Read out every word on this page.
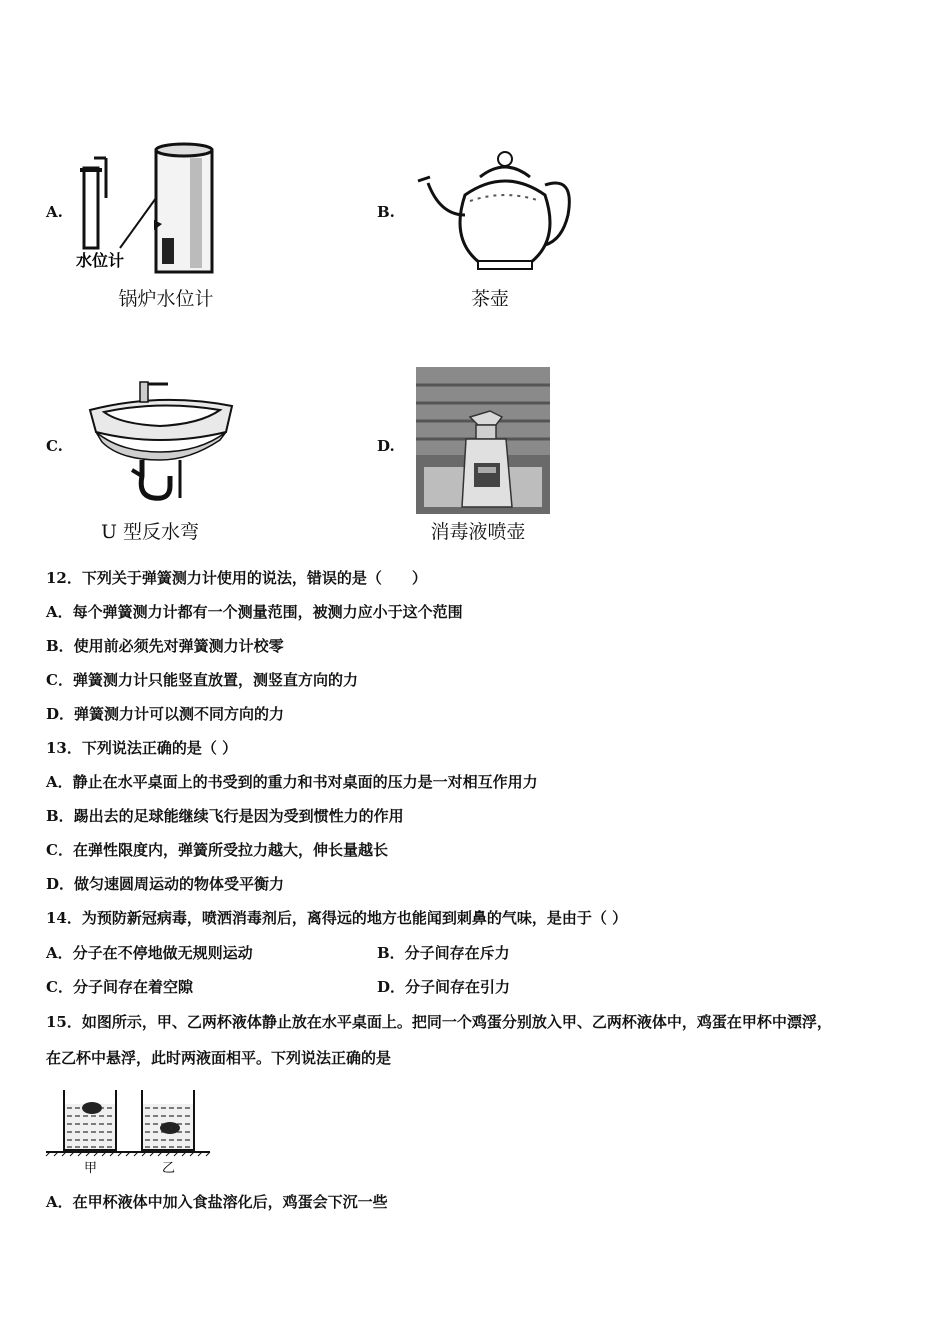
A.
水位计
锅炉水位计
B.
茶壶
C.
U 型反水弯
D.
消毒液喷壶
12．下列关于弹簧测力计使用的说法，错误的是（　　）
A．每个弹簧测力计都有一个测量范围，被测力应小于这个范围
B．使用前必须先对弹簧测力计校零
C．弹簧测力计只能竖直放置，测竖直方向的力
D．弹簧测力计可以测不同方向的力
13．下列说法正确的是（ ）
A．静止在水平桌面上的书受到的重力和书对桌面的压力是一对相互作用力
B．踢出去的足球能继续飞行是因为受到惯性力的作用
C．在弹性限度内，弹簧所受拉力越大，伸长量越长
D．做匀速圆周运动的物体受平衡力
14．为预防新冠病毒，喷洒消毒剂后，离得远的地方也能闻到刺鼻的气味，是由于（ ）
A．分子在不停地做无规则运动	B．分子间存在斥力
C．分子间存在着空隙	D．分子间存在引力
15．如图所示，甲、乙两杯液体静止放在水平桌面上。把同一个鸡蛋分别放入甲、乙两杯液体中，鸡蛋在甲杯中漂浮，
在乙杯中悬浮，此时两液面相平。下列说法正确的是
甲	乙
A．在甲杯液体中加入食盐溶化后，鸡蛋会下沉一些
